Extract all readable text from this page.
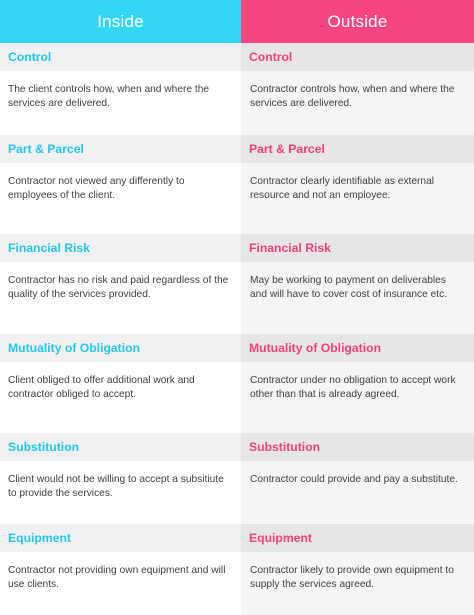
Inside
Control
The client controls how, when and where the services are delivered.
Part & Parcel
Contractor not viewed any differently to employees of the client.
Financial Risk
Contractor has no risk and paid regardless of the quality of the services provided.
Mutuality of Obligation
Client obliged to offer additional work and contractor obliged to accept.
Substitution
Client would not be willing to accept a subsitiute to provide the services.
Equipment
Contractor not providing own equipment and will use clients.
Outside
Control
Contractor controls how, when and where the services are delivered.
Part & Parcel
Contractor clearly identifiable as external resource and not an employee.
Financial Risk
May be working to payment on deliverables and will have to cover cost of insurance etc.
Mutuality of Obligation
Contractor under no obligation to accept work other than that is already agreed.
Substitution
Contractor could provide and pay a substitute.
Equipment
Contractor likely to provide own equipment to supply the services agreed.
